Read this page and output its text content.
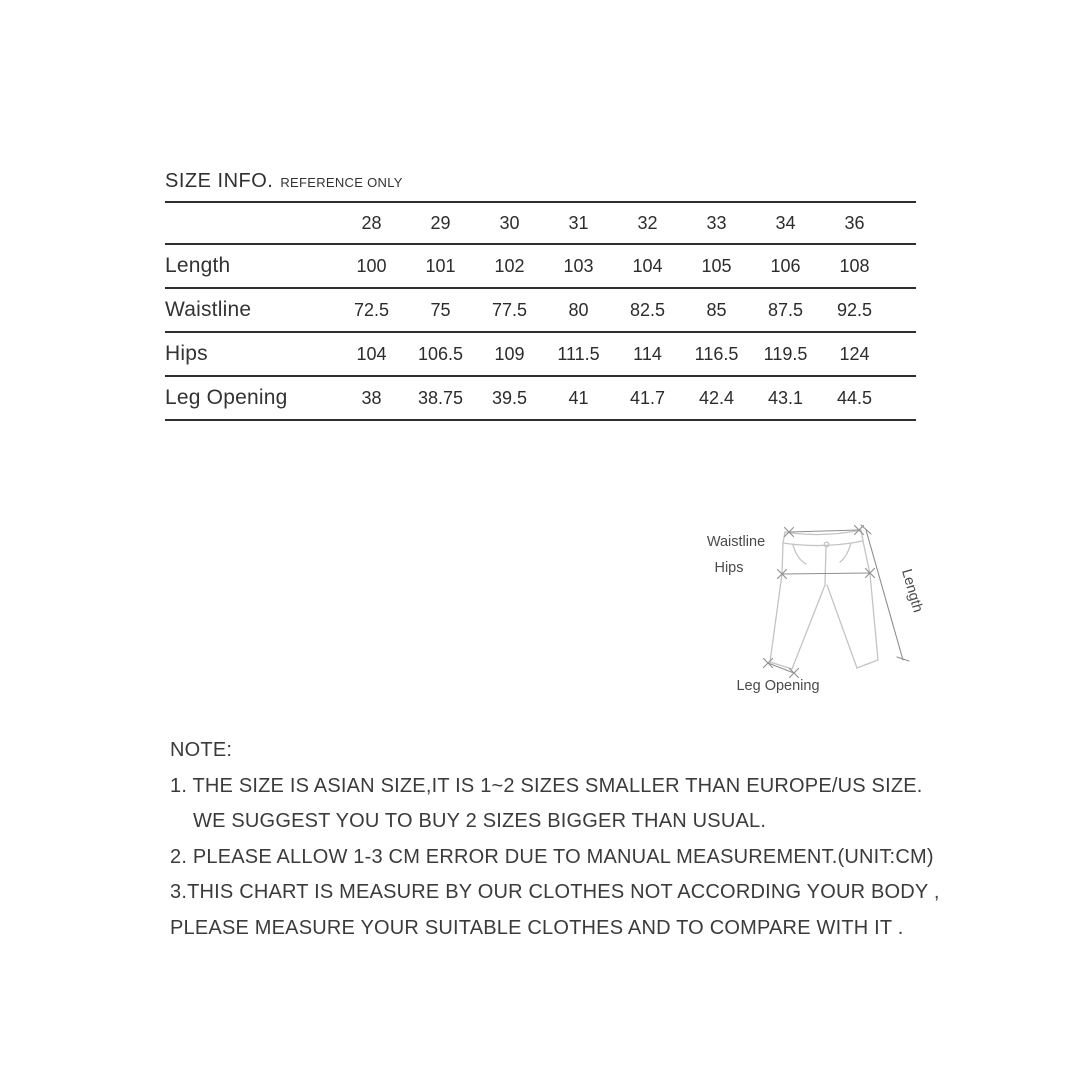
SIZE INFO. REFERENCE ONLY
	28	29	30	31	32	33	34	36	
Length	100	101	102	103	104	105	106	108	
Waistline	72.5	75	77.5	80	82.5	85	87.5	92.5	
Hips	104	106.5	109	111.5	114	116.5	119.5	124	
Leg Opening	38	38.75	39.5	41	41.7	42.4	43.1	44.5	
Waistline
Hips
Leg Opening
Length
NOTE:
1. THE SIZE IS ASIAN SIZE,IT IS 1~2 SIZES SMALLER THAN EUROPE/US SIZE.
WE SUGGEST YOU TO BUY 2 SIZES BIGGER THAN USUAL.
2. PLEASE ALLOW 1-3 CM ERROR DUE TO MANUAL MEASUREMENT.(UNIT:CM)
3.THIS CHART IS MEASURE BY OUR CLOTHES NOT ACCORDING YOUR BODY ,
PLEASE MEASURE YOUR SUITABLE CLOTHES AND TO COMPARE WITH IT .
